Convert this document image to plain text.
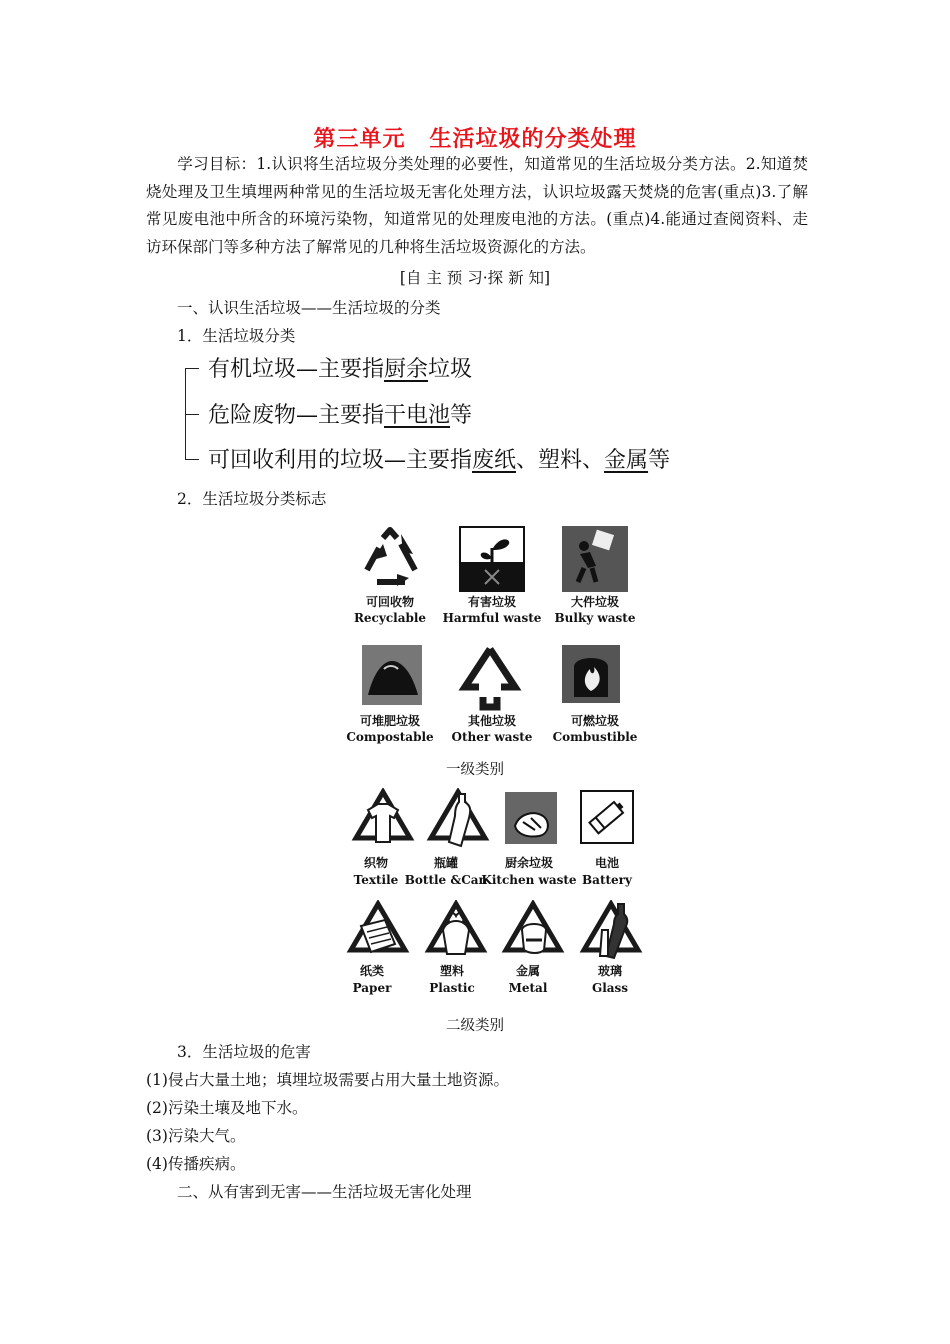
第三单元 生活垃圾的分类处理
学习目标：1.认识将生活垃圾分类处理的必要性，知道常见的生活垃圾分类方法。2.知道焚烧处理及卫生填埋两种常见的生活垃圾无害化处理方法，认识垃圾露天焚烧的危害(重点)3.了解常见废电池中所含的环境污染物，知道常见的处理废电池的方法。(重点)4.能通过查阅资料、走访环保部门等多种方法了解常见的几种将生活垃圾资源化的方法。
[自 主 预 习·探 新 知]
一、认识生活垃圾——生活垃圾的分类
1．生活垃圾分类
有机垃圾—主要指厨余垃圾
危险废物—主要指干电池等
可回收利用的垃圾—主要指废纸、塑料、金属等
2．生活垃圾分类标志
可回收物
Recyclable
有害垃圾
Harmful waste
大件垃圾
Bulky waste
可堆肥垃圾
Compostable
其他垃圾
Other waste
可燃垃圾
Combustible
一级类别
织物
Textile
瓶罐
Bottle &Can
厨余垃圾
Kitchen waste
电池
Battery
纸类
Paper
塑料
Plastic
金属
Metal
玻璃
Glass
二级类别
3．生活垃圾的危害
(1)侵占大量土地；填埋垃圾需要占用大量土地资源。
(2)污染土壤及地下水。
(3)污染大气。
(4)传播疾病。
二、从有害到无害——生活垃圾无害化处理
